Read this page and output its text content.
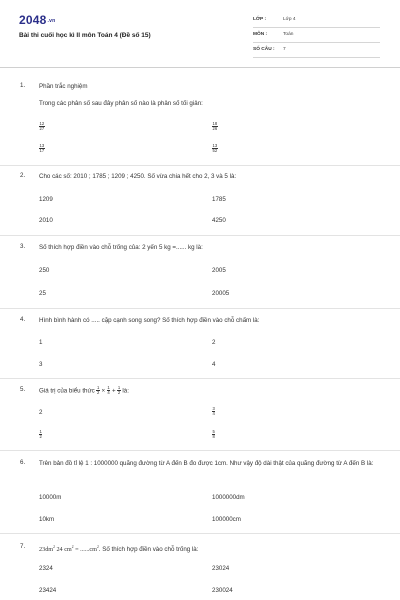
2048.vn
Bài thi cuối học kì II môn Toán 4 (Đề số 15)
LỚP :	Lớp 4
MÔN :	Toán
SỐ CÂU : 7
1. Phần trắc nghiệm
Trong các phân số sau đây phân số nào là phân số tối giản:
$\frac{12}{27}$	$\frac{18}{26}$
$\frac{13}{17}$	$\frac{13}{52}$
2. Cho các số: 2010 ; 1785 ; 1209 ; 4250. Số vừa chia hết cho 2, 3 và 5 là:
1209	1785
2010	4250
3. Số thích hợp điền vào chỗ trống của: 2 yến 5 kg =...... kg là:
250	2005
25	20005
4. Hình bình hành có ..... cặp cạnh song song? Số thích hợp điền vào chỗ chấm là:
1	2
3	4
5. Giá trị của biểu thức $\frac{1}{2} \times \frac{1}{4} + \frac{1}{2}$ là:
2	$\frac{3}{4}$
$\frac{1}{2}$	$\frac{5}{8}$
6. Trên bản đồ tỉ lệ 1 : 1000000 quãng đường từ A đến B đo được 1cm. Như vậy độ dài thật của quãng đường từ A đến B là:
10000m	1000000dm
10km	100000cm
7. $23dm^2$ 24 $cm^2 = ......cm^2$. Số thích hợp điền vào chỗ trống là:
2324	23024
23424	230024
